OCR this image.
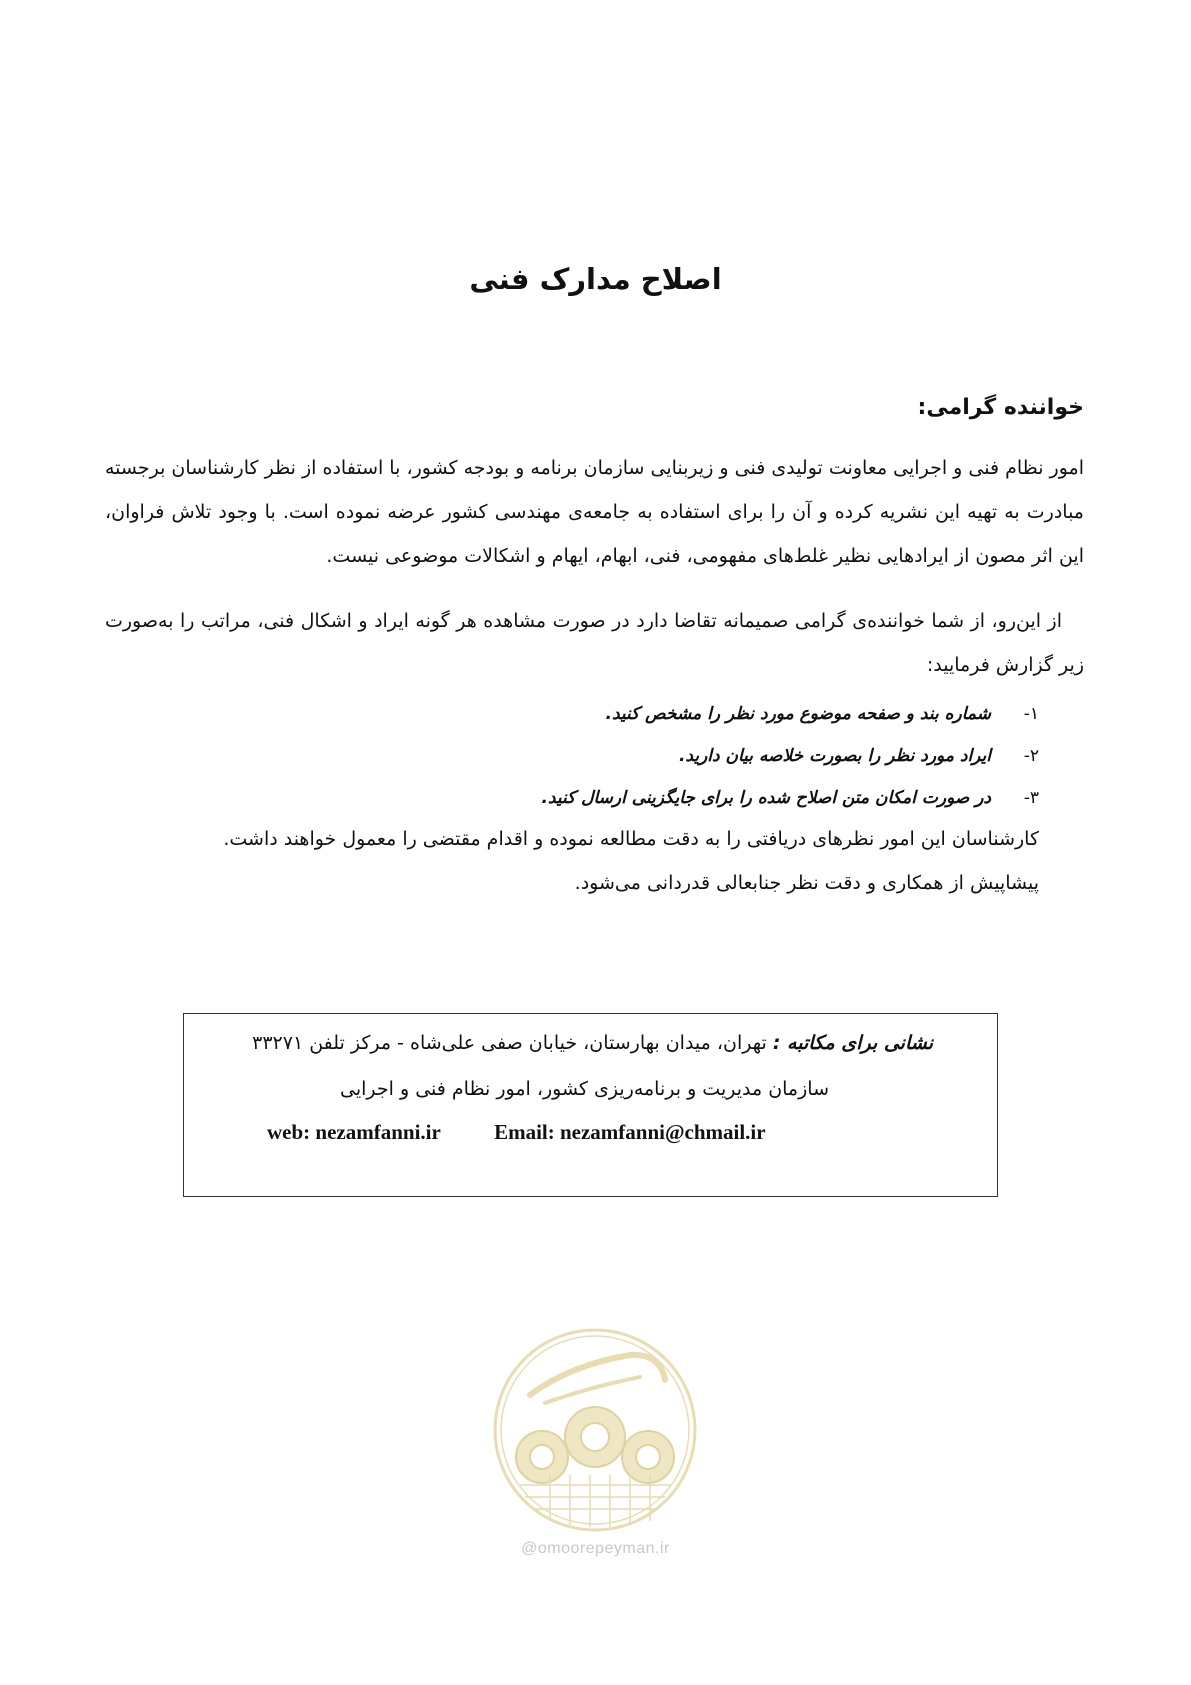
اصلاح مدارک فنی
خواننده گرامی:

امور نظام فنی و اجرایی معاونت تولیدی فنی و زیربنایی سازمان برنامه و بودجه کشور، با استفاده از نظر کارشناسان برجسته مبادرت به تهیه این نشریه کرده و آن را برای استفاده به جامعه‌ی مهندسی کشور عرضه نموده است. با وجود تلاش فراوان، این اثر مصون از ایرادهایی نظیر غلط‌های مفهومی، فنی، ابهام، ایهام و اشکالات موضوعی نیست.

از این‌رو، از شما خواننده‌ی گرامی صمیمانه تقاضا دارد در صورت مشاهده هر گونه ایراد و اشکال فنی، مراتب را به‌صورت زیر گزارش فرمایید:

۱-شماره بند و صفحه موضوع مورد نظر را مشخص کنید.
۲-ایراد مورد نظر را بصورت خلاصه بیان دارید.
۳-در صورت امکان متن اصلاح شده را برای جایگزینی ارسال کنید.
کارشناسان این امور نظرهای دریافتی را به دقت مطالعه نموده و اقدام مقتضی را معمول خواهند داشت.
پیشاپیش از همکاری و دقت نظر جنابعالی قدردانی می‌شود.
نشانی برای مکاتبه : تهران، میدان بهارستان، خیابان صفی علی‌شاه - مرکز تلفن ۳۳۲۷۱
سازمان مدیریت و برنامه‌ریزی کشور، امور نظام فنی و اجرایی
web: nezamfanni.ir	Email: nezamfanni@chmail.ir
@omoorepeyman.ir
